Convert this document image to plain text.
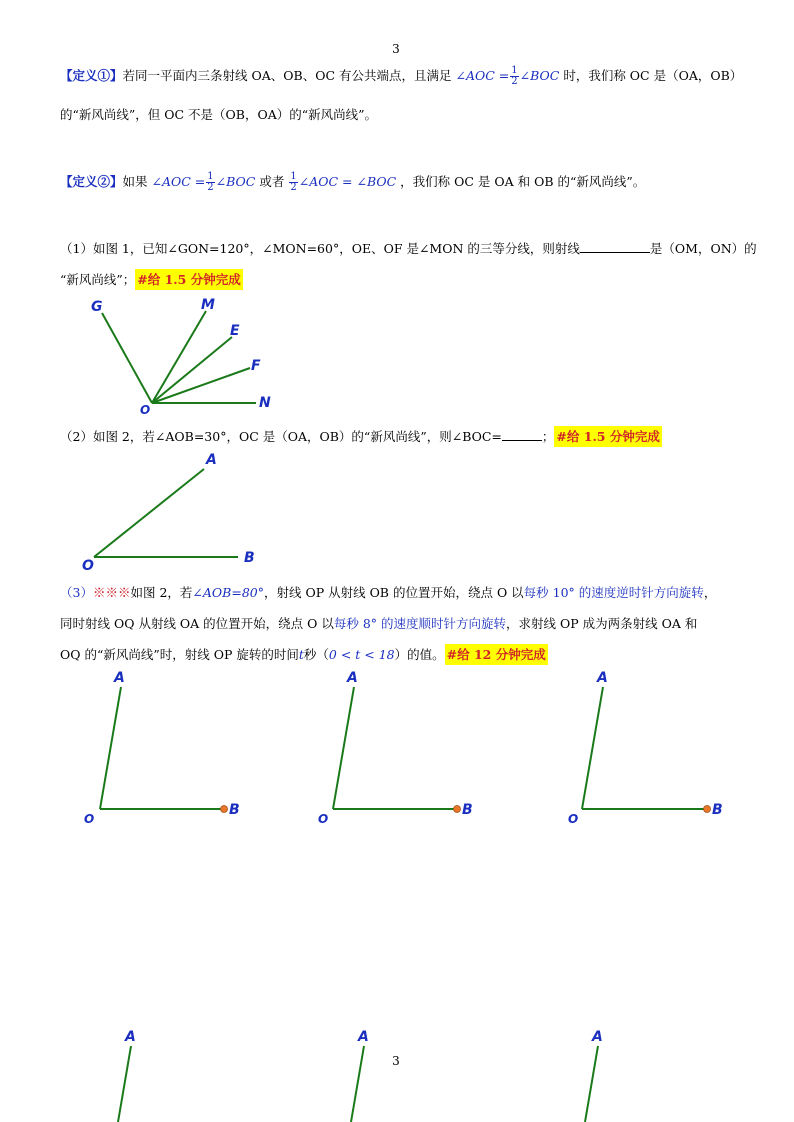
3
3
【定义①】若同一平面内三条射线 OA、OB、OC 有公共端点，且满足 ∠AOC = $\frac{1}{2}$ ∠BOC 时，我们称 OC 是（OA，OB）
的“新风尚线”，但 OC 不是（OB，OA）的“新风尚线”。
【定义②】如果 ∠AOC = $\frac{1}{2}$ ∠BOC 或者 $\frac{1}{2}$ ∠AOC = ∠BOC ，我们称 OC 是 OA 和 OB 的“新风尚线”。
（1）如图 1，已知∠GON=120°，∠MON=60°，OE、OF 是∠MON 的三等分线，则射线	是（OM，ON）的
“新风尚线”； #给 1.5 分钟完成
（2）如图 2，若∠AOB=30°，OC 是（OA，OB）的“新风尚线”，则∠BOC=	； #给 1.5 分钟完成
（3）※※※如图 2，若∠AOB=80°，射线 OP 从射线 OB 的位置开始，绕点 O 以每秒 10° 的速度逆时针方向旋转，
同时射线 OQ 从射线 OA 的位置开始，绕点 O 以每秒 8° 的速度顺时针方向旋转，求射线 OP 成为两条射线 OA 和
OQ 的“新风尚线”时，射线 OP 旋转的时间t秒（0 < t < 18）的值。 #给 12 分钟完成
G	M
E
F
N
O
A
O	B
A
O
B
A
O
B
A
O
B
A	A	A
